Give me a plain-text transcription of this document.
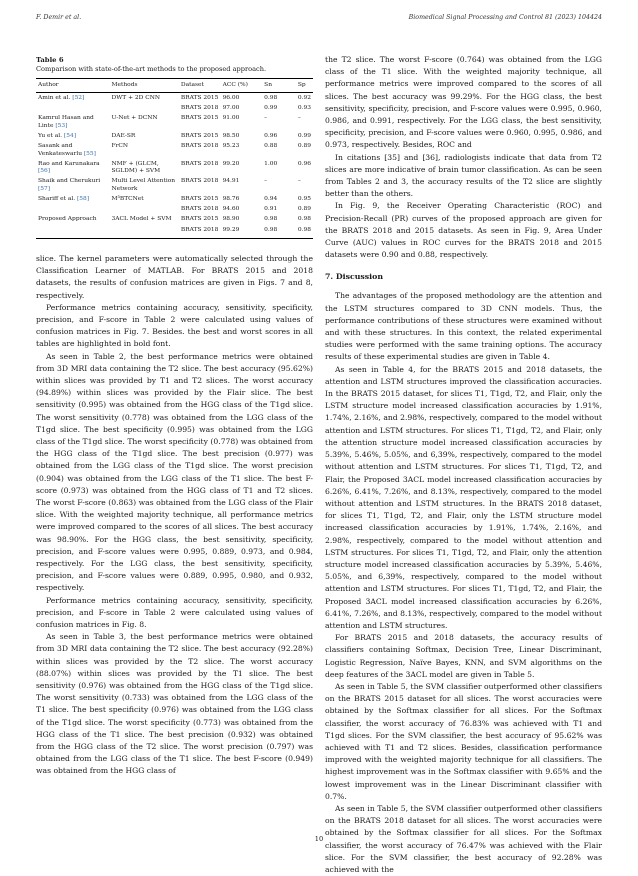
F. Demir et al.	Biomedical Signal Processing and Control 81 (2023) 104424

Table 6

Comparison with state-of-the-art methods to the proposed approach.

Author	Methods	Dataset	ACC (%)	Sn	Sp
Amin et al. [52]	DWT + 2D CNN	BRATS 2015	96.00	0.98	0.92
		BRATS 2018	97.00	0.99	0.93
Kamrul Hasan and Linte [53]	U-Net + DCNN	BRATS 2015	91.00	–	–
Yu et al. [54]	DAE-SR	BRATS 2015	98.50	0.96	0.99
Sasank and Venkateswarlu [55]	FrCN	BRATS 2018	95.23	0.88	0.89
Rao and Karunakara [56]	NMF + (GLCM, SGLDM) + SVM	BRATS 2018	99.20	1.00	0.96
Shaik and Cherukuri [57]	Multi Level Attention Network	BRATS 2018	94.91	–	–
Shariff et al. [58]	M³BTCNet	BRATS 2015	98.76	0.94	0.95
		BRATS 2018	94.60	0.91	0.89
Proposed Approach	3ACL Model + SVM	BRATS 2015	98.90	0.98	0.98
		BRATS 2018	99.29	0.98	0.98

slice. The kernel parameters were automatically selected through the Classification Learner of MATLAB. For BRATS 2015 and 2018 datasets, the results of confusion matrices are given in Figs. 7 and 8, respectively.

Performance metrics containing accuracy, sensitivity, specificity, precision, and F-score in Table 2 were calculated using values of confusion matrices in Fig. 7. Besides. the best and worst scores in all tables are highlighted in bold font.

As seen in Table 2, the best performance metrics were obtained from 3D MRI data containing the T2 slice. The best accuracy (95.62%) within slices was provided by T1 and T2 slices. The worst accuracy (94.89%) within slices was provided by the Flair slice. The best sensitivity (0.995) was obtained from the HGG class of the T1gd slice. The worst sensitivity (0.778) was obtained from the LGG class of the T1gd slice. The best specificity (0.995) was obtained from the LGG class of the T1gd slice. The worst specificity (0.778) was obtained from the HGG class of the T1gd slice. The best precision (0.977) was obtained from the LGG class of the T1gd slice. The worst precision (0.904) was obtained from the LGG class of the T1 slice. The best F-score (0.973) was obtained from the HGG class of T1 and T2 slices. The worst F-score (0.863) was obtained from the LGG class of the Flair slice. With the weighted majority technique, all performance metrics were improved compared to the scores of all slices. The best accuracy was 98.90%. For the HGG class, the best sensitivity, specificity, precision, and F-score values were 0.995, 0.889, 0.973, and 0.984, respectively. For the LGG class, the best sensitivity, specificity, precision, and F-score values were 0.889, 0.995, 0.980, and 0.932, respectively.

Performance metrics containing accuracy, sensitivity, specificity, precision, and F-score in Table 2 were calculated using values of confusion matrices in Fig. 8.

As seen in Table 3, the best performance metrics were obtained from 3D MRI data containing the T2 slice. The best accuracy (92.28%) within slices was provided by the T2 slice. The worst accuracy (88.07%) within slices was provided by the T1 slice. The best sensitivity (0.976) was obtained from the HGG class of the T1gd slice. The worst sensitivity (0.733) was obtained from the LGG class of the T1 slice. The best specificity (0.976) was obtained from the LGG class of the T1gd slice. The worst specificity (0.773) was obtained from the HGG class of the T1 slice. The best precision (0.932) was obtained from the HGG class of the T2 slice. The worst precision (0.797) was obtained from the LGG class of the T1 slice. The best F-score (0.949) was obtained from the HGG class of

the T2 slice. The worst F-score (0.764) was obtained from the LGG class of the T1 slice. With the weighted majority technique, all performance metrics were improved compared to the scores of all slices. The best accuracy was 99.29%. For the HGG class, the best sensitivity, specificity, precision, and F-score values were 0.995, 0.960, 0.986, and 0.991, respectively. For the LGG class, the best sensitivity, specificity, precision, and F-score values were 0.960, 0.995, 0.986, and 0.973, respectively. Besides, ROC and

In citations [35] and [36], radiologists indicate that data from T2 slices are more indicative of brain tumor classification. As can be seen from Tables 2 and 3, the accuracy results of the T2 slice are slightly better than the others.

In Fig. 9, the Receiver Operating Characteristic (ROC) and Precision-Recall (PR) curves of the proposed approach are given for the BRATS 2018 and 2015 datasets. As seen in Fig. 9, Area Under Curve (AUC) values in ROC curves for the BRATS 2018 and 2015 datasets were 0.90 and 0.88, respectively.

7. Discussion

The advantages of the proposed methodology are the attention and the LSTM structures compared to 3D CNN models. Thus, the performance contributions of these structures were examined without and with these structures. In this context, the related experimental studies were performed with the same training options. The accuracy results of these experimental studies are given in Table 4.

As seen in Table 4, for the BRATS 2015 and 2018 datasets, the attention and LSTM structures improved the classification accuracies. In the BRATS 2015 dataset, for slices T1, T1gd, T2, and Flair, only the LSTM structure model increased classification accuracies by 1.91%, 1.74%, 2.16%, and 2.98%, respectively, compared to the model without attention and LSTM structures. For slices T1, T1gd, T2, and Flair, only the attention structure model increased classification accuracies by 5.39%, 5.46%, 5.05%, and 6,39%, respectively, compared to the model without attention and LSTM structures. For slices T1, T1gd, T2, and Flair, the Proposed 3ACL model increased classification accuracies by 6.26%, 6.41%, 7.26%, and 8.13%, respectively, compared to the model without attention and LSTM structures. In the BRATS 2018 dataset, for slices T1, T1gd, T2, and Flair, only the LSTM structure model increased classification accuracies by 1.91%, 1.74%, 2.16%, and 2.98%, respectively, compared to the model without attention and LSTM structures. For slices T1, T1gd, T2, and Flair, only the attention structure model increased classification accuracies by 5.39%, 5.46%, 5.05%, and 6,39%, respectively, compared to the model without attention and LSTM structures. For slices T1, T1gd, T2, and Flair, the Proposed 3ACL model increased classification accuracies by 6.26%, 6.41%, 7.26%, and 8.13%, respectively, compared to the model without attention and LSTM structures.

For BRATS 2015 and 2018 datasets, the accuracy results of classifiers containing Softmax, Decision Tree, Linear Discriminant, Logistic Regression, Naïve Bayes, KNN, and SVM algorithms on the deep features of the 3ACL model are given in Table 5.

As seen in Table 5, the SVM classifier outperformed other classifiers on the BRATS 2015 dataset for all slices. The worst accuracies were obtained by the Softmax classifier for all slices. For the Softmax classifier, the worst accuracy of 76.83% was achieved with T1 and T1gd slices. For the SVM classifier, the best accuracy of 95.62% was achieved with T1 and T2 slices. Besides, classification performance improved with the weighted majority technique for all classifiers. The highest improvement was in the Softmax classifier with 9.65% and the lowest improvement was in the Linear Discriminant classifier with 0.7%.

As seen in Table 5, the SVM classifier outperformed other classifiers on the BRATS 2018 dataset for all slices. The worst accuracies were obtained by the Softmax classifier for all slices. For the Softmax classifier, the worst accuracy of 76.47% was achieved with the Flair slice. For the SVM classifier, the best accuracy of 92.28% was achieved with the

10
